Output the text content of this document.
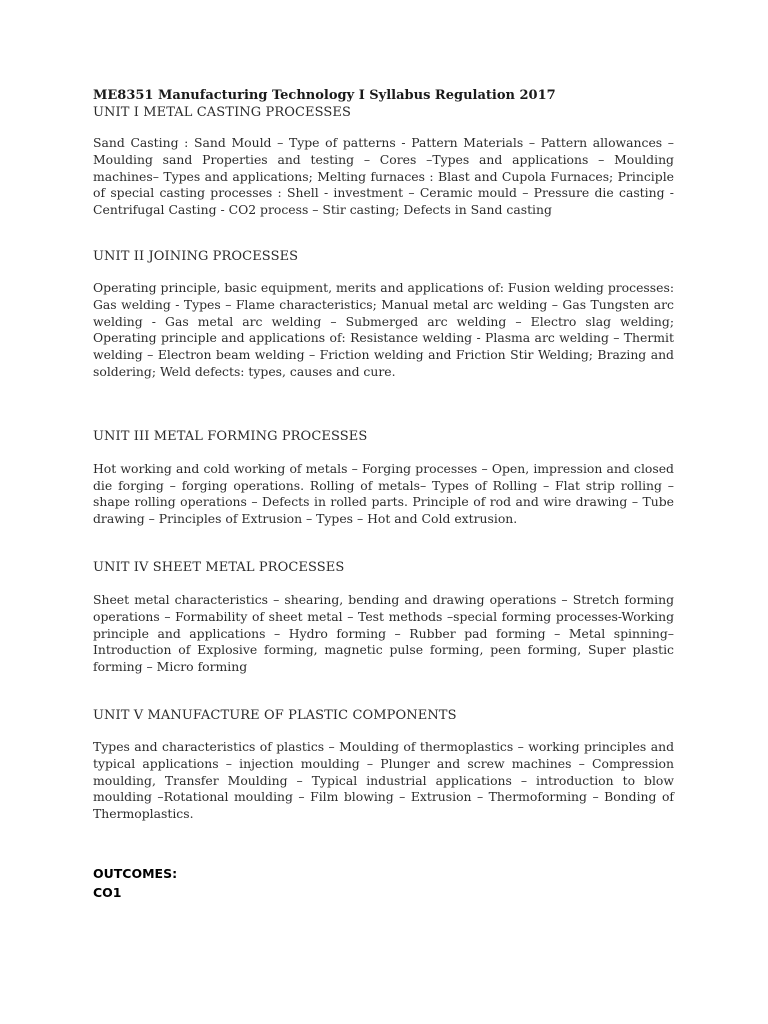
ME8351 Manufacturing Technology I Syllabus Regulation 2017
UNIT I METAL CASTING PROCESSES

Sand Casting : Sand Mould – Type of patterns - Pattern Materials – Pattern allowances – Moulding sand Properties and testing – Cores –Types and applications – Moulding machines– Types and applications; Melting furnaces : Blast and Cupola Furnaces; Principle of special casting processes : Shell - investment – Ceramic mould – Pressure die casting - Centrifugal Casting - CO2 process – Stir casting; Defects in Sand casting

UNIT II JOINING PROCESSES

Operating principle, basic equipment, merits and applications of: Fusion welding processes: Gas welding - Types – Flame characteristics; Manual metal arc welding – Gas Tungsten arc welding - Gas metal arc welding – Submerged arc welding – Electro slag welding; Operating principle and applications of: Resistance welding - Plasma arc welding – Thermit welding – Electron beam welding – Friction welding and Friction Stir Welding; Brazing and soldering; Weld defects: types, causes and cure.

UNIT III METAL FORMING PROCESSES

Hot working and cold working of metals – Forging processes – Open, impression and closed die forging – forging operations. Rolling of metals– Types of Rolling – Flat strip rolling – shape rolling operations – Defects in rolled parts. Principle of rod and wire drawing – Tube drawing – Principles of Extrusion – Types – Hot and Cold extrusion.

UNIT IV SHEET METAL PROCESSES

Sheet metal characteristics – shearing, bending and drawing operations – Stretch forming operations – Formability of sheet metal – Test methods –special forming processes-Working principle and applications – Hydro forming – Rubber pad forming – Metal spinning– Introduction of Explosive forming, magnetic pulse forming, peen forming, Super plastic forming – Micro forming

UNIT V MANUFACTURE OF PLASTIC COMPONENTS

Types and characteristics of plastics – Moulding of thermoplastics – working principles and typical applications – injection moulding – Plunger and screw machines – Compression moulding, Transfer Moulding – Typical industrial applications – introduction to blow moulding –Rotational moulding – Film blowing – Extrusion – Thermoforming – Bonding of Thermoplastics.

OUTCOMES:
CO1
